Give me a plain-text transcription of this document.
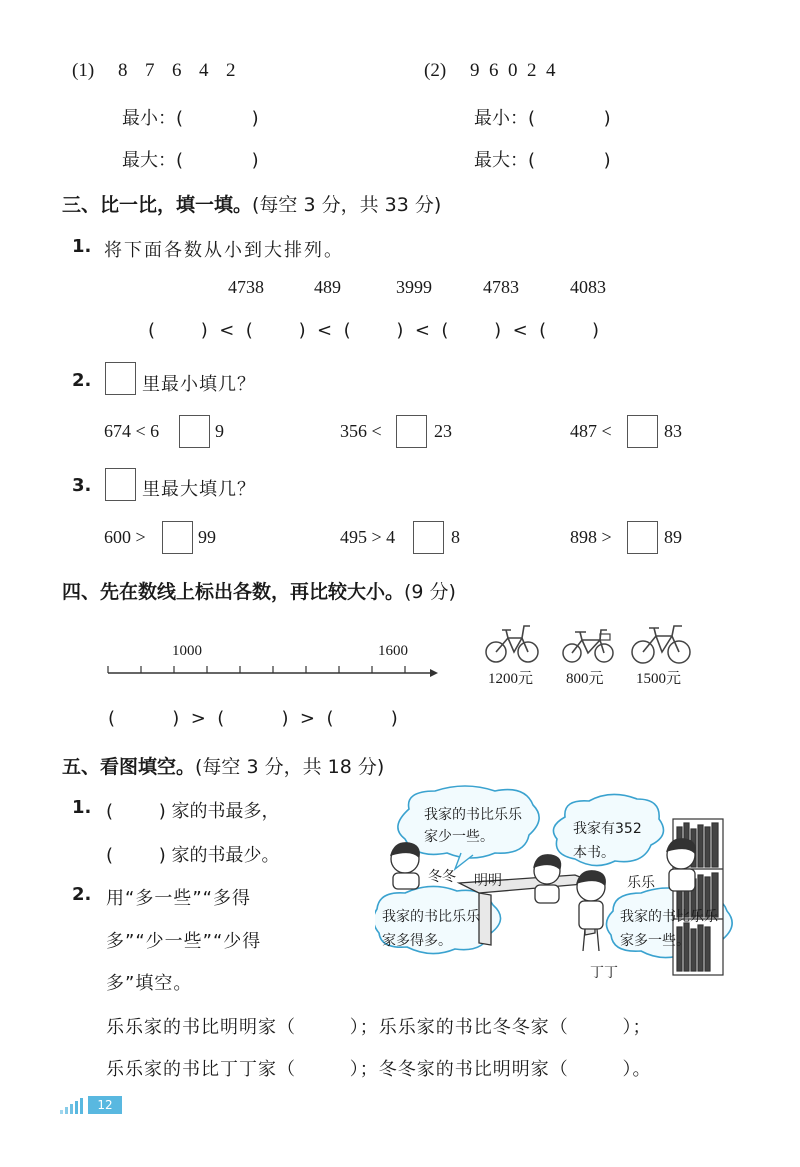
(1) 8  7  6  4  2
最小：(            )
最大：(            )
(2) 9  6  0  2  4
最小：(            )
最大：(            )
三、比一比，填一填。(每空 3 分，共 33 分)
1. 将下面各数从小到大排列。
4738	489	3999	4783	4083
(        )  <  (        )  <  (        )  <  (        )  <  (        )
2.	里最小填几？
674 < 6	9	356 <	23	487 <	83
3.	里最大填几？
600 >	99	495 > 4	8	898 >	89
四、先在数线上标出各数，再比较大小。(9 分)
1000	1600
1200元 800元 1500元
(          )  >  (          )  >  (          )
五、看图填空。(每空 3 分，共 18 分)
1. (        ) 家的书最多，
(        ) 家的书最少。
2. 用“多一些”“多得
多”“少一些”“少得
多”填空。
我家的书比乐乐
家少一些。	我家有352
本书。
我家的书比乐乐
家多得多。
我家的书比乐乐
家多一些。
冬冬 明明	乐乐
丁丁
乐乐家的书比明明家（        ）；乐乐家的书比冬冬家（        ）；
乐乐家的书比丁丁家（        ）；冬冬家的书比明明家（        ）。
12
